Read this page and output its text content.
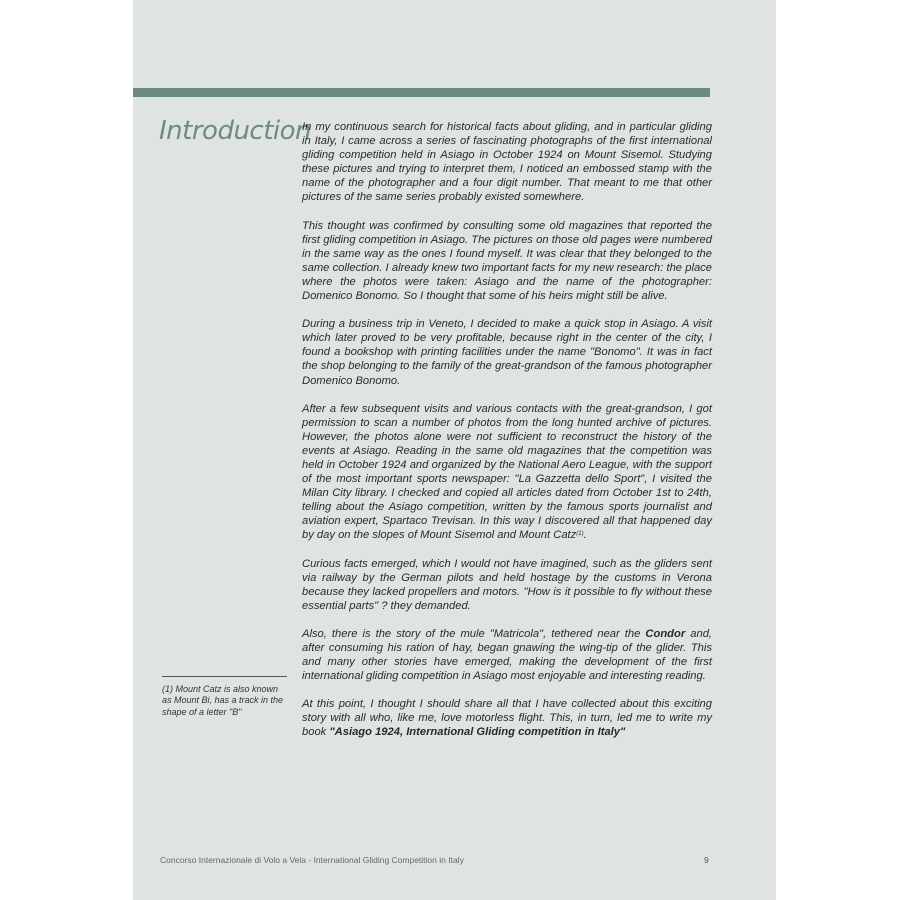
Introduction

In my continuous search for historical facts about gliding, and in particular gliding in Italy, I came across a series of fascinating photographs of the first international gliding competition held in Asiago in October 1924 on Mount Sisemol. Studying these pictures and trying to interpret them, I noticed an embossed stamp with the name of the photographer and a four digit number. That meant to me that other pictures of the same series probably existed somewhere.

This thought was confirmed by consulting some old magazines that reported the first gliding competition in Asiago. The pictures on those old pages were numbered in the same way as the ones I found myself. It was clear that they belonged to the same collection. I already knew two important facts for my new research: the place where the photos were taken: Asiago and the name of the photographer: Domenico Bonomo. So I thought that some of his heirs might still be alive.

During a business trip in Veneto, I decided to make a quick stop in Asiago. A visit which later proved to be very profitable, because right in the center of the city, I found a bookshop with printing facilities under the name "Bonomo". It was in fact the shop belonging to the family of the great-grandson of the famous photographer Domenico Bonomo.

After a few subsequent visits and various contacts with the great-grandson, I got permission to scan a number of photos from the long hunted archive of pictures. However, the photos alone were not sufficient to reconstruct the history of the events at Asiago. Reading in the same old magazines that the competition was held in October 1924 and organized by the National Aero League, with the support of the most important sports newspaper: "La Gazzetta dello Sport", I visited the Milan City library. I checked and copied all articles dated from October 1st to 24th, telling about the Asiago competition, written by the famous sports journalist and aviation expert, Spartaco Trevisan. In this way I discovered all that happened day by day on the slopes of Mount Sisemol and Mount Catz$^{(1)}$.

Curious facts emerged, which I would not have imagined, such as the gliders sent via railway by the German pilots and held hostage by the customs in Verona because they lacked propellers and motors. "How is it possible to fly without these essential parts" ? they demanded.

Also, there is the story of the mule "Matricola", tethered near the Condor and, after consuming his ration of hay, began gnawing the wing-tip of the glider. This and many other stories have emerged, making the development of the first international gliding competition in Asiago most enjoyable and interesting reading.

At this point, I thought I should share all that I have collected about this exciting story with all who, like me, love motorless flight. This, in turn, led me to write my book "Asiago 1924, International Gliding competition in Italy"

(1) Mount Catz is also known as Mount Bi, has a track in the shape of a letter "B"
Concorso Internazionale di Volo a Vela - International Gliding Competition in Italy	9
